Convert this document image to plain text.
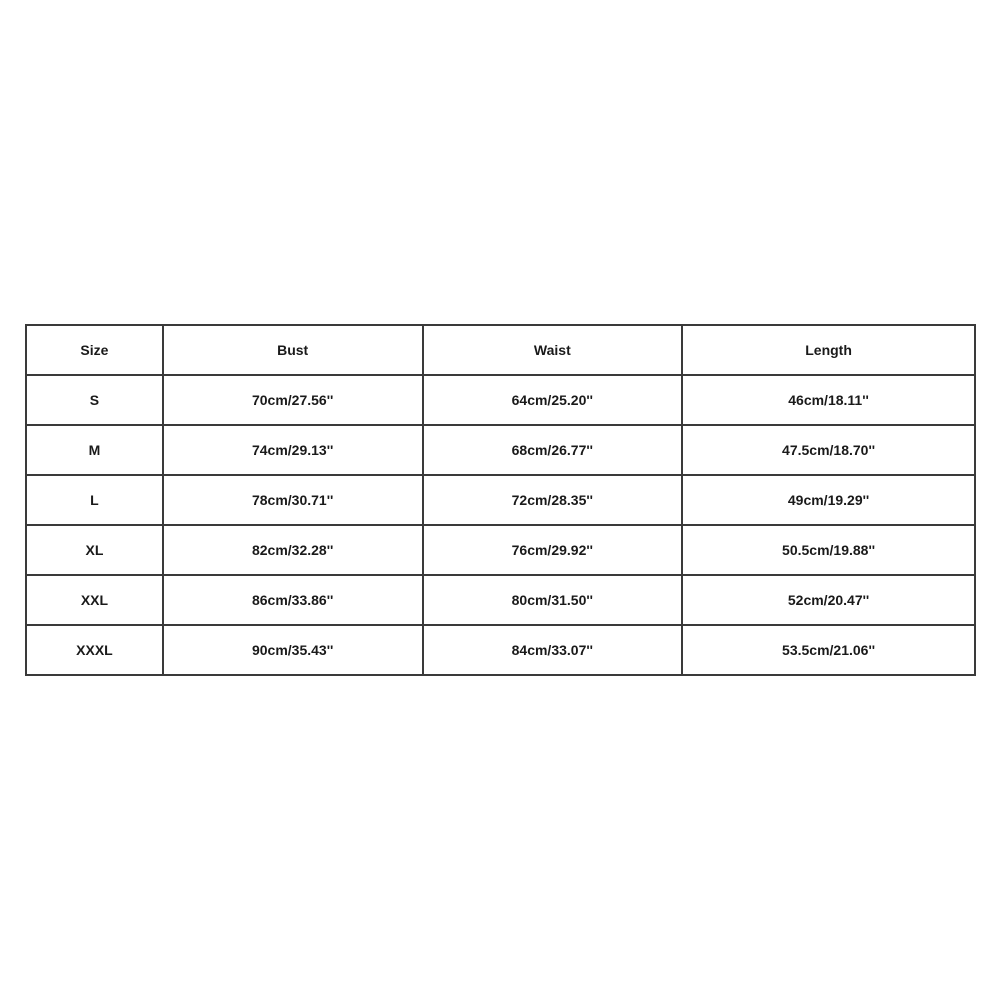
Size	Bust	Waist	Length
S	70cm/27.56''	64cm/25.20''	46cm/18.11''
M	74cm/29.13''	68cm/26.77''	47.5cm/18.70''
L	78cm/30.71''	72cm/28.35''	49cm/19.29''
XL	82cm/32.28''	76cm/29.92''	50.5cm/19.88''
XXL	86cm/33.86''	80cm/31.50''	52cm/20.47''
XXXL	90cm/35.43''	84cm/33.07''	53.5cm/21.06''
